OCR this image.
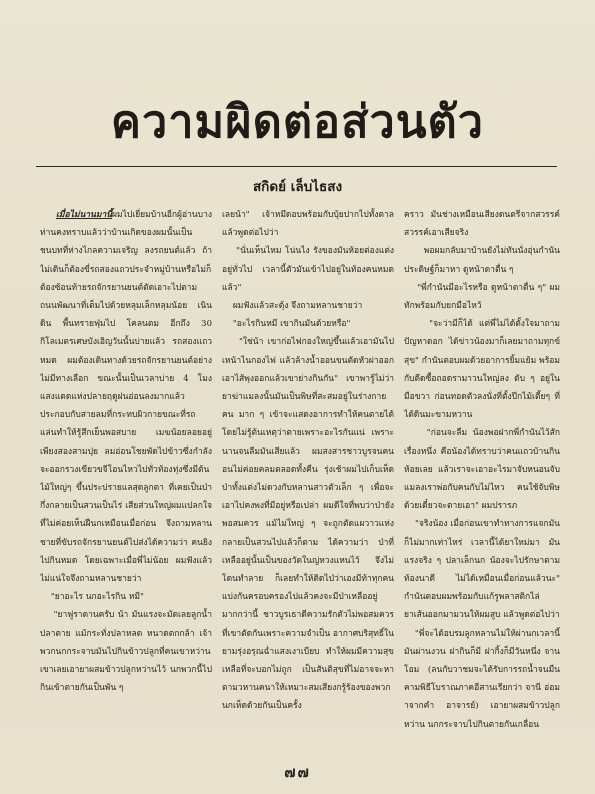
ความผิดต่อส่วนตัว
สกิดย์ เล็บไธสง

เมื่อไม่นานมานี้ผมไปเยี่ยมบ้านอีกผู้อ่านบางท่านคงทราบแล้วว่าบ้านเกิดของผมนั้นเป็นชนบทที่ห่างไกลความเจริญ ลงรถยนต์แล้ว ถ้าไม่เดินก็ต้องขี่รถสองแถวประจำหมู่บ้านหรือไม่ก็ต้องซ้อนท้ายรถจักรยานยนต์ตัดเอาะไปตามถนนพัฒนาที่เต็มไปด้วยหลุมเล็กหลุมน้อย เนินดิน พื้นทรายฟุ่มไป โคลนตม อีกถึง 30 กิโลเมตรเศษบังเอิญวันนั้นบ่ายแล้ว รถสองแถวหมด ผมต้องเดินทางด้วยรถจักรยานยนต์อย่างไม่มีทางเลือก ขณะนั้นเป็นเวลาบ่าย 4 โมงแสงแดดแห่งปลายฤดูฝนอ่อนลงมากแล้วประกอบกับสายลมที่กระทบผิวกายขณะที่รถแล่นทำให้รู้สึกเย็นพอสบาย เมฆน้อยลอยอยู่เพียงสองสามปุย ลมอ่อนโชยพัดไปข้าวซึ่งกำลังจะออกรวงเขียวขจีโอนไหวไปทั่วท้องทุ่งซึ่งมีต้นไม้ใหญ่ๆ ขึ้นประปรายแลสุดลูกตา ที่เคยเป็นป่ากึ่งกลายเป็นสวนเป็นไร่ เสียส่วนใหญ่ผมแปลกใจที่ไม่ค่อยเห็นฝืนกเหมือนเมื่อก่อน จึงถามหลานชายที่ขับรถจักรยานยนต์ไปส่งได้ความว่า คนยิงไปกินหมด โดยเฉพาะเมื่อพี่ไม่น้อย ผมฟังแล้วไม่แน่ใจจึงถามหลานชายว่า

"ยาอะไร นกอะไรกิน หมี"

"ยาฟูราดานครับ น้า มันแรงจะมัดเลยลูกน้ำปลาตาย แม้กระทั่งปลาหลด หนาดตกกล้า เจ้าพวกนกกระจาบมันไปกินข้าวปลูกที่คนเขาหว่าน เขาเลยเอายาผสมข้าวปลูกหว่านไว้ นกพวกนี้ไปกินเข้าตายกันเป็นพัน ๆ

เลยน้า" เจ้าหมึดอบพร้อมกับบุ้ยปากไปทั้งตาลแล้วพูดต่อไปว่า

"นั่นเห็นไหม โน่นไง รังของมันห้อยต่องแต่งอยู่ทั่วไป เวลานี้ตัวมันเข้าไปอยู่ในท้องคนหมดแล้ว"

ผมฟังแล้วสะดุ้ง จึงถามหลานชายว่า

"อะไรกินหมี เขากินมันด้วยหรือ"

"ใช่น้า เขาก่อไฟกองใหญ่ขึ้นแล้วเอามันไปเหน้าไนกองไฟ แล้วล้างน้ำออนขนตัดหัวผ่าออกเอาไส้พุงออกแล้วเขาย่างกินกัน" เขาพารู้ไม่ว่า ยาฆ่าแมลงนั้นมันเป็นพิษที่สะสมอยู่ในร่างกายคน มาก ๆ เข้าจะแสดงอาการทำให้คนตายได้ โดยไม่รู้ต้นเหตุว่าตายเพราะอะไรกันแน่ เพราะนานจนลืมมันเสียแล้ว ผมสงสารชาวบูรจนคนอนไม่ค่อยคลมตลอดทั้งคืน รุ่งเช้าผมไปเก็บเห็ดป่าทั้งแต่งไม่ดวงกับหลานสาวตัวเล็ก ๆ เพื่อจะเอาไปคงพงที่มีอยู่หรือเปล่า ผมดีใจที่พบว่าป่ายังพอสมควร แม้ไม่ใหญ่ ๆ จะถูกตัดแผวาวแห่งกลายเป็นสวนไปแล้วก็ตาม ได้ความว่า ป่าที่เหลืออยู่นั้นเป็นของวัดในญ่หวงแหนไว้ จึงไม่โดนทำลาย ก็เลยทำให้ติดไป่ว่าเองมีท้าทุกคนแบ่งกันครอบครองไปแล้วคงจะมีป่าเหลืออยู่มากกว่านี้ ชาวบูรเธาดีความรักตัวไม่พอสมควรที่เขาตัดกันเพราะความจำเป็น อากาศบริสุทธิ์ในยามรุ่งอรุณฉ่ำแสงเงาเบียบ ทำให้ผมมีความสุขเหลือที่จะบอกไม่ถูก เป็นสันติสุขที่ไม่อาจจะหาตามวหานคนาให้เหมาะสมเสียงกรู้ร้องของพวกนกเห็ดด้วยกันเป็นครั้ง

คราว มันช่างเหมือนเสียงดนตรีจากสวรรค์สวรรค์เอาเสียจริง

พอผมกลับมาบ้านยังไม่ทันนั่งอุ่นกำนันประดิษฐ์ก็มาหา ดูหน้าดาตื่น ๆ

"พี่กำนันมีอะไรหรือ ดูหน้าตาตื่น ๆ" ผมทักพร้อมกับยกมือไหว้

"จะว่ามีก็ได้ แต่พี่ไม่ได้ตั้งใจมาถามปัญหาดอก ได้ข่าวน้องมาก็เลยมาถามทุกข์สุข" กำนันตอบผมด้วยอาการยิ้มแย้ม พร้อมกับดีดซื้อถอดรามาวนใหญ่ลง ดับ ๆ อยู่ในมือขวา ก่อนทอดตัวลงนั่งที่ตั้งปีกไม้เตี้ยๆ ที่ได้ดินมะขามหวาน

"ก่อนจะลืม น้องพอฝากพี่กำนันไว้สักเรื่องหนึ่ง คือน้องได้ทราบว่าคนแถวบ้านกินห้อยเลย แล้วเราจะเอาอะไรมาจับหนอนจับแมลงเราพ่อกับคนกับไม่ไหว คนใช้จับพิษด้วยเดี๋ยวจะตายเอา" ผมปรารภ

"จริงน้อง เมื่อก่อนเขาทำทางการแจกมันก็ไม่มากเท่าไหร่ เวลานี้ได้ยาใหม่มา มันแรงจริง ๆ ปลาเล็กนก น้องจะไปรักษาตามท้องนาดี ไม่ได้เหมือนเมื่อก่อนแล้วนะ" กำนันตอบผมพร้อมกับแก้รูพลาสติกไล่ยาเส้นออกมามวนให้ผมสูบ แล้วพูดต่อไปว่า

"พี่จะได้อบรมลูกหลานไม่ให้ผ่านกเวลานี้มันผ่านงวน ฝากินก็มี ฝากิ้งก็มีวันหนึ่ง จานโอม (ลนกับวาชมจะได้รับการรถน้ำจนมืนคามพิธีโบราณภาคอีสานเรียกว่า จานี อ่อมาจากคำ อาจารย์) เอายาผสมข้าวปลูกหว่าน นกกระจาบไปกินตายกันเกลื่อน

๗๗
